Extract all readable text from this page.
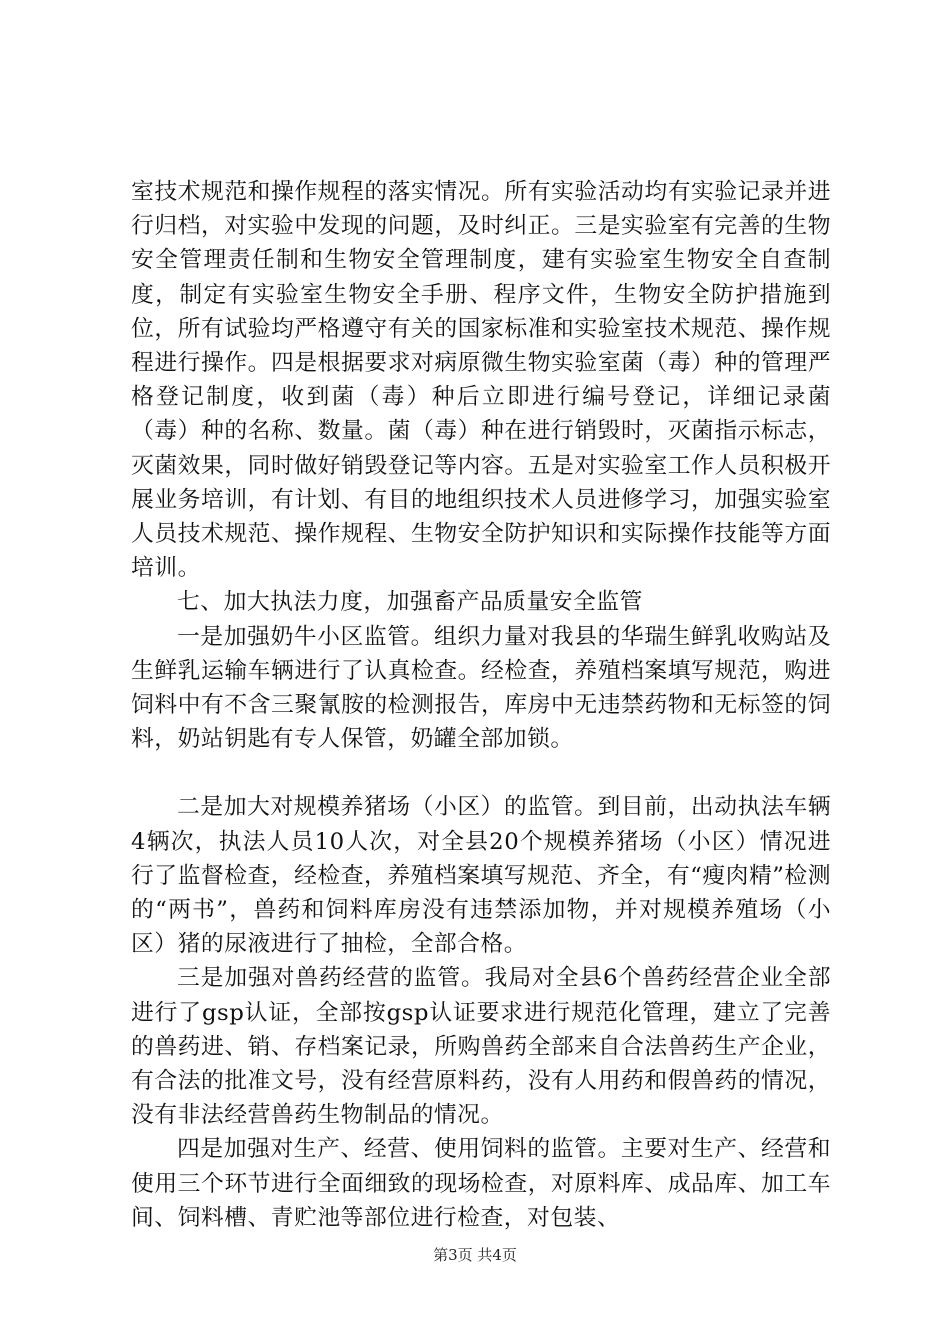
室技术规范和操作规程的落实情况。所有实验活动均有实验记录并进行归档，对实验中发现的问题，及时纠正。三是实验室有完善的生物安全管理责任制和生物安全管理制度，建有实验室生物安全自查制度，制定有实验室生物安全手册、程序文件，生物安全防护措施到位，所有试验均严格遵守有关的国家标准和实验室技术规范、操作规程进行操作。四是根据要求对病原微生物实验室菌（毒）种的管理严格登记制度，收到菌（毒）种后立即进行编号登记，详细记录菌（毒）种的名称、数量。菌（毒）种在进行销毁时，灭菌指示标志，灭菌效果，同时做好销毁登记等内容。五是对实验室工作人员积极开展业务培训，有计划、有目的地组织技术人员进修学习，加强实验室人员技术规范、操作规程、生物安全防护知识和实际操作技能等方面培训。

七、加大执法力度，加强畜产品质量安全监管

一是加强奶牛小区监管。组织力量对我县的华瑞生鲜乳收购站及生鲜乳运输车辆进行了认真检查。经检查，养殖档案填写规范，购进饲料中有不含三聚氰胺的检测报告，库房中无违禁药物和无标签的饲料，奶站钥匙有专人保管，奶罐全部加锁。

二是加大对规模养猪场（小区）的监管。到目前，出动执法车辆4辆次，执法人员10人次，对全县20个规模养猪场（小区）情况进行了监督检查，经检查，养殖档案填写规范、齐全，有“瘦肉精”检测的“两书”，兽药和饲料库房没有违禁添加物，并对规模养殖场（小区）猪的尿液进行了抽检，全部合格。

三是加强对兽药经营的监管。我局对全县6个兽药经营企业全部进行了gsp认证，全部按gsp认证要求进行规范化管理，建立了完善的兽药进、销、存档案记录，所购兽药全部来自合法兽药生产企业，有合法的批准文号，没有经营原料药，没有人用药和假兽药的情况，没有非法经营兽药生物制品的情况。

四是加强对生产、经营、使用饲料的监管。主要对生产、经营和使用三个环节进行全面细致的现场检查，对原料库、成品库、加工车间、饲料槽、青贮池等部位进行检查，对包装、

第3页 共4页
